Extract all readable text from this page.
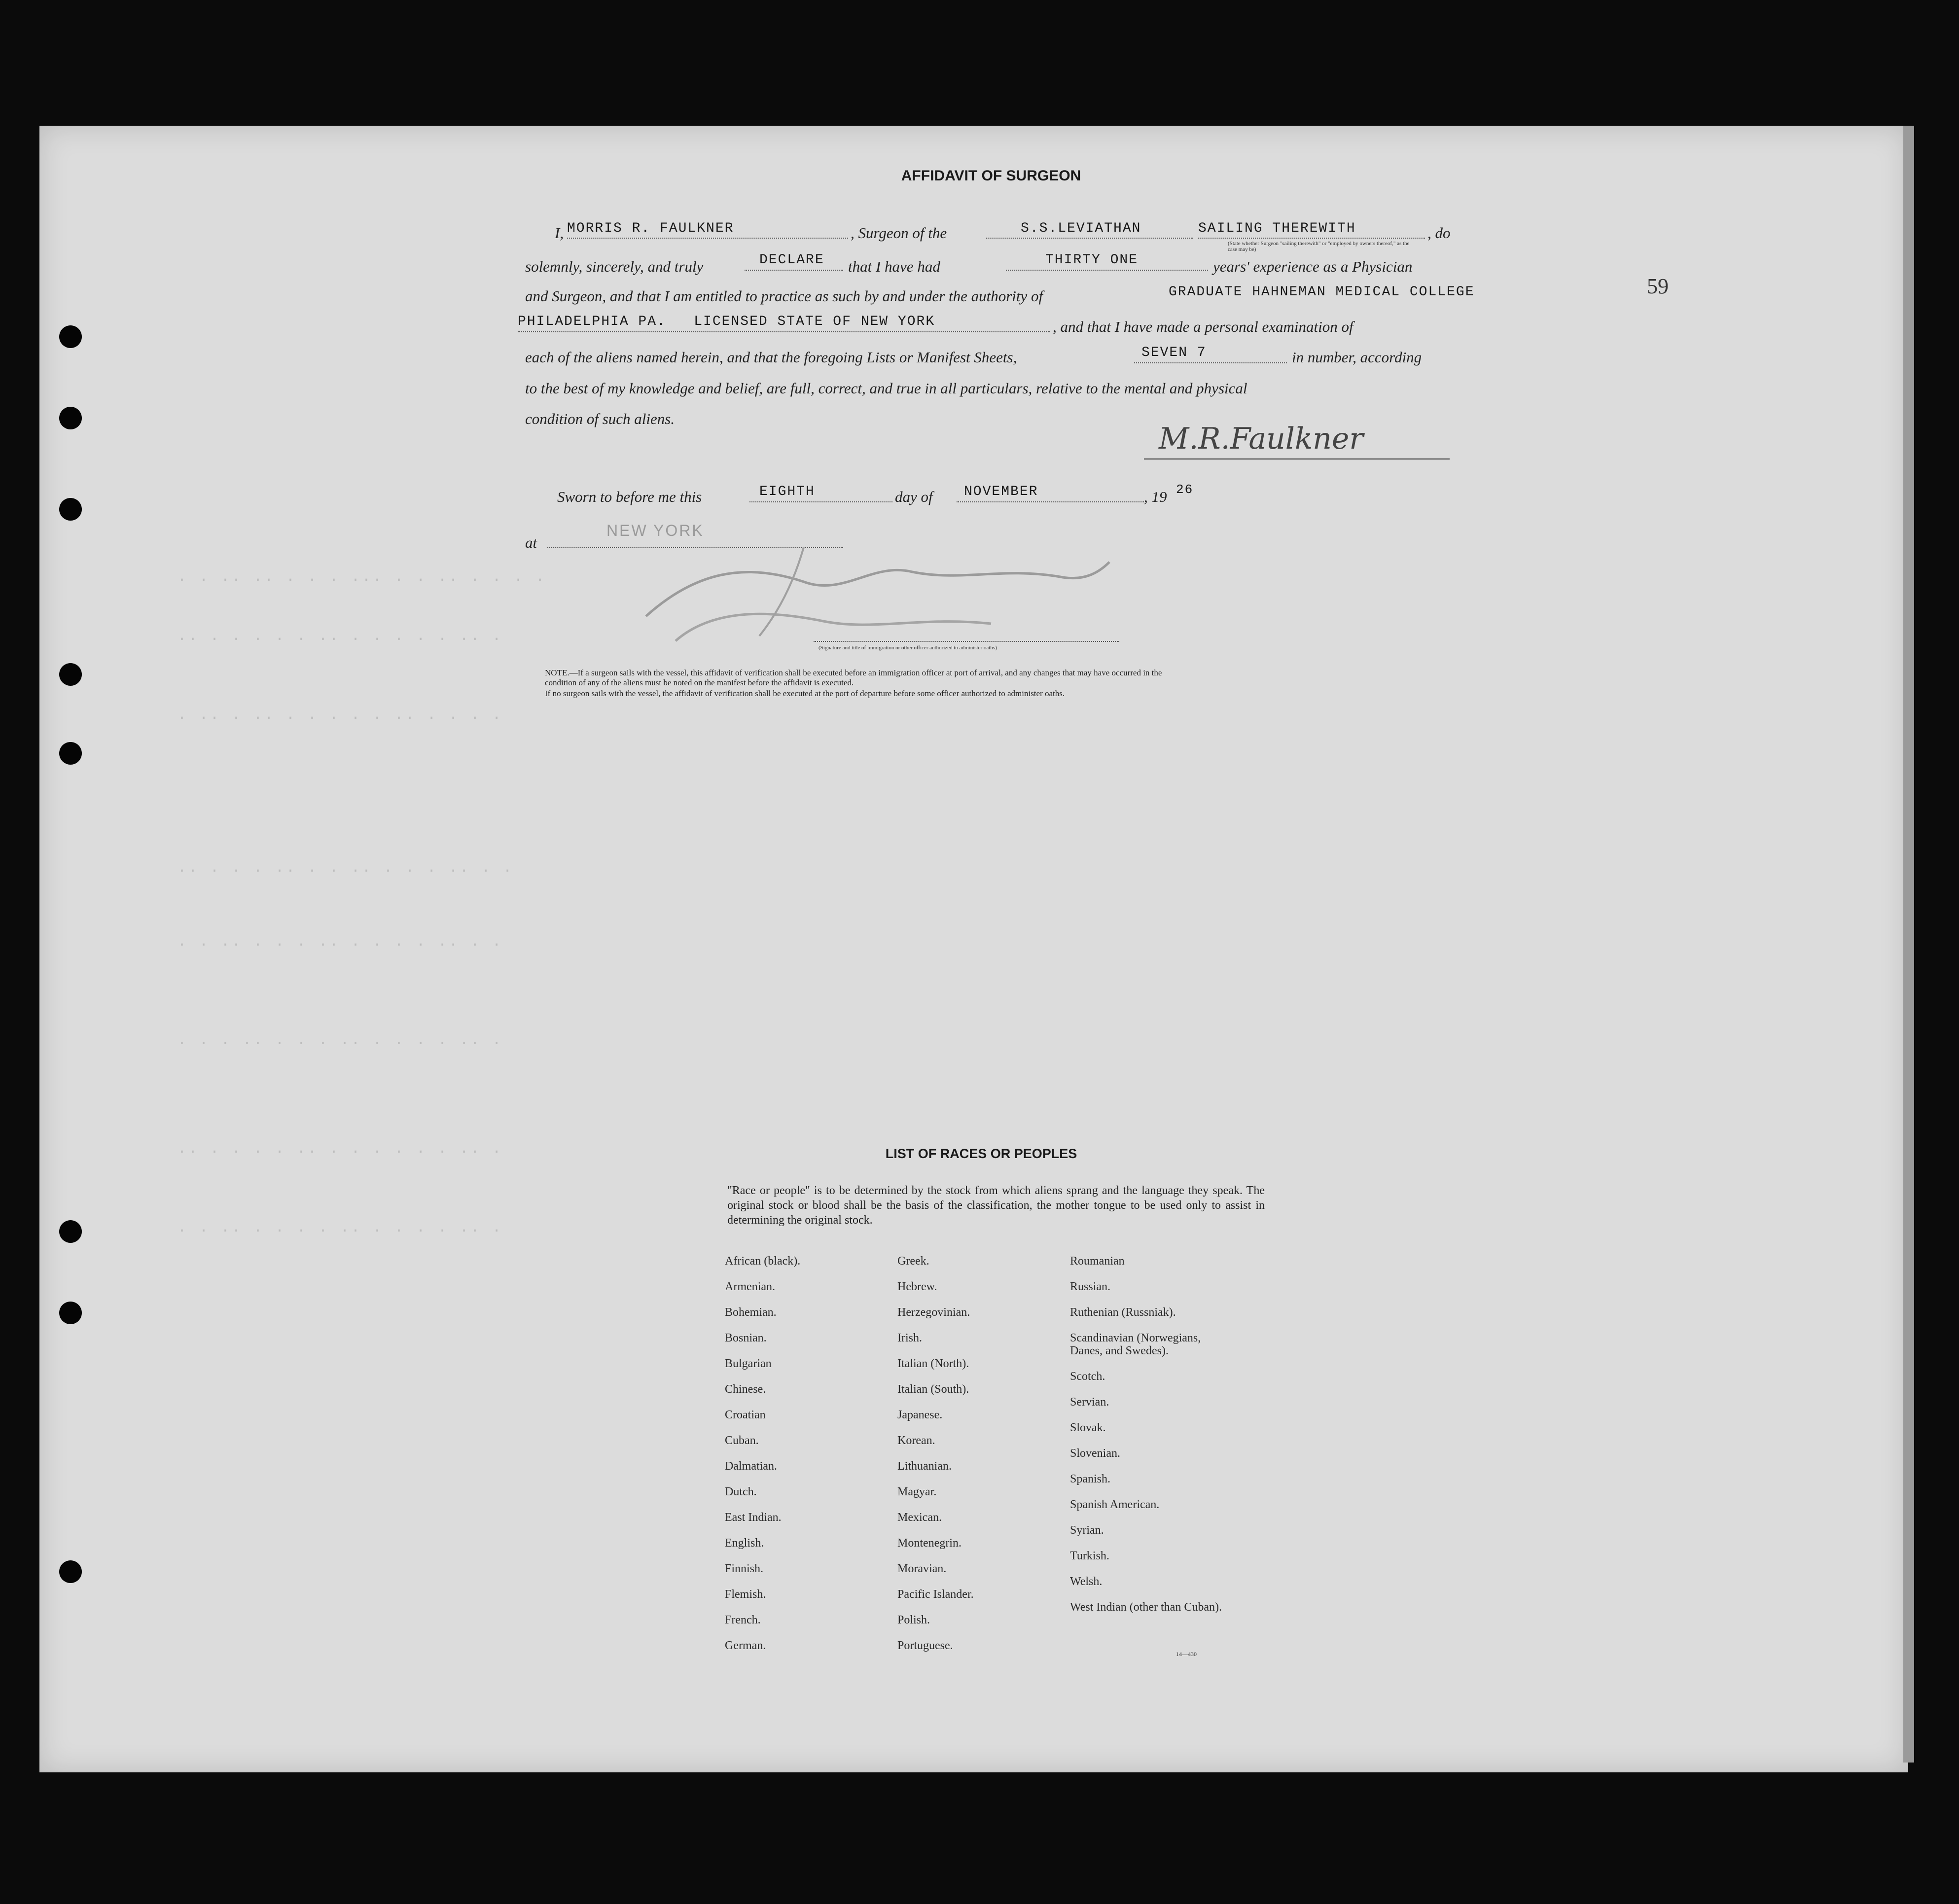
· · ·· ·· · · · ··· · · ·· · · · ·
·· · · · · · ·· · · · · · ·· ·
· ·· · ·· · · · · · ·· · · · ·
·· · · · ·· · · ·· · · · ·· · ·
· · ·· · · · ·· · · · · ·· · ·
· · · ·· · · · ·· · · · · ·· ·
·· · · · · ·· · · · · · · ·· ·
· · ·· · · · · ·· · · · · ·· ·
AFFIDAVIT OF SURGEON
59
I, MORRIS R. FAULKNER	, Surgeon of the	S.S.LEVIATHAN	SAILING THEREWITH
(State whether Surgeon "sailing therewith" or "employed by owners thereof," as the case may be)
, do
solemnly, sincerely, and truly	DECLARE that I have had	THIRTY ONE	years' experience as a Physician
and Surgeon, and that I am entitled to practice as such by and under the authority of	GRADUATE HAHNEMAN MEDICAL COLLEGE
PHILADELPHIA PA.   LICENSED STATE OF NEW YORK	, and that I have made a personal examination of
each of the aliens named herein, and that the foregoing Lists or Manifest Sheets,	SEVEN 7	in number, according
to the best of my knowledge and belief, are full, correct, and true in all particulars, relative to the mental and physical
condition of such aliens.
M.R.Faulkner
Sworn to before me this	EIGHTH	day of NOVEMBER	, 19 26
at
NEW YORK
(Signature and title of immigration or other officer authorized to administer oaths)
NOTE.—If a surgeon sails with the vessel, this affidavit of verification shall be executed before an immigration officer at port of arrival, and any changes that may have occurred in the
condition of any of the aliens must be noted on the manifest before the affidavit is executed.
If no surgeon sails with the vessel, the affidavit of verification shall be executed at the port of departure before some officer authorized to administer oaths.
LIST OF RACES OR PEOPLES
"Race or people" is to be determined by the stock from which aliens sprang and the language they speak. The original stock or blood shall be the basis of the classification, the mother tongue to be used only to assist in determining the original stock.
African (black).
Armenian.
Bohemian.
Bosnian.
Bulgarian
Chinese.
Croatian
Cuban.
Dalmatian.
Dutch.
East Indian.
English.
Finnish.
Flemish.
French.
German.
Greek.
Hebrew.
Herzegovinian.
Irish.
Italian (North).
Italian (South).
Japanese.
Korean.
Lithuanian.
Magyar.
Mexican.
Montenegrin.
Moravian.
Pacific Islander.
Polish.
Portuguese.
Roumanian
Russian.
Ruthenian (Russniak).
Scandinavian (Norwegians, Danes, and Swedes).
Scotch.
Servian.
Slovak.
Slovenian.
Spanish.
Spanish American.
Syrian.
Turkish.
Welsh.
West Indian (other than Cuban).
14—430
